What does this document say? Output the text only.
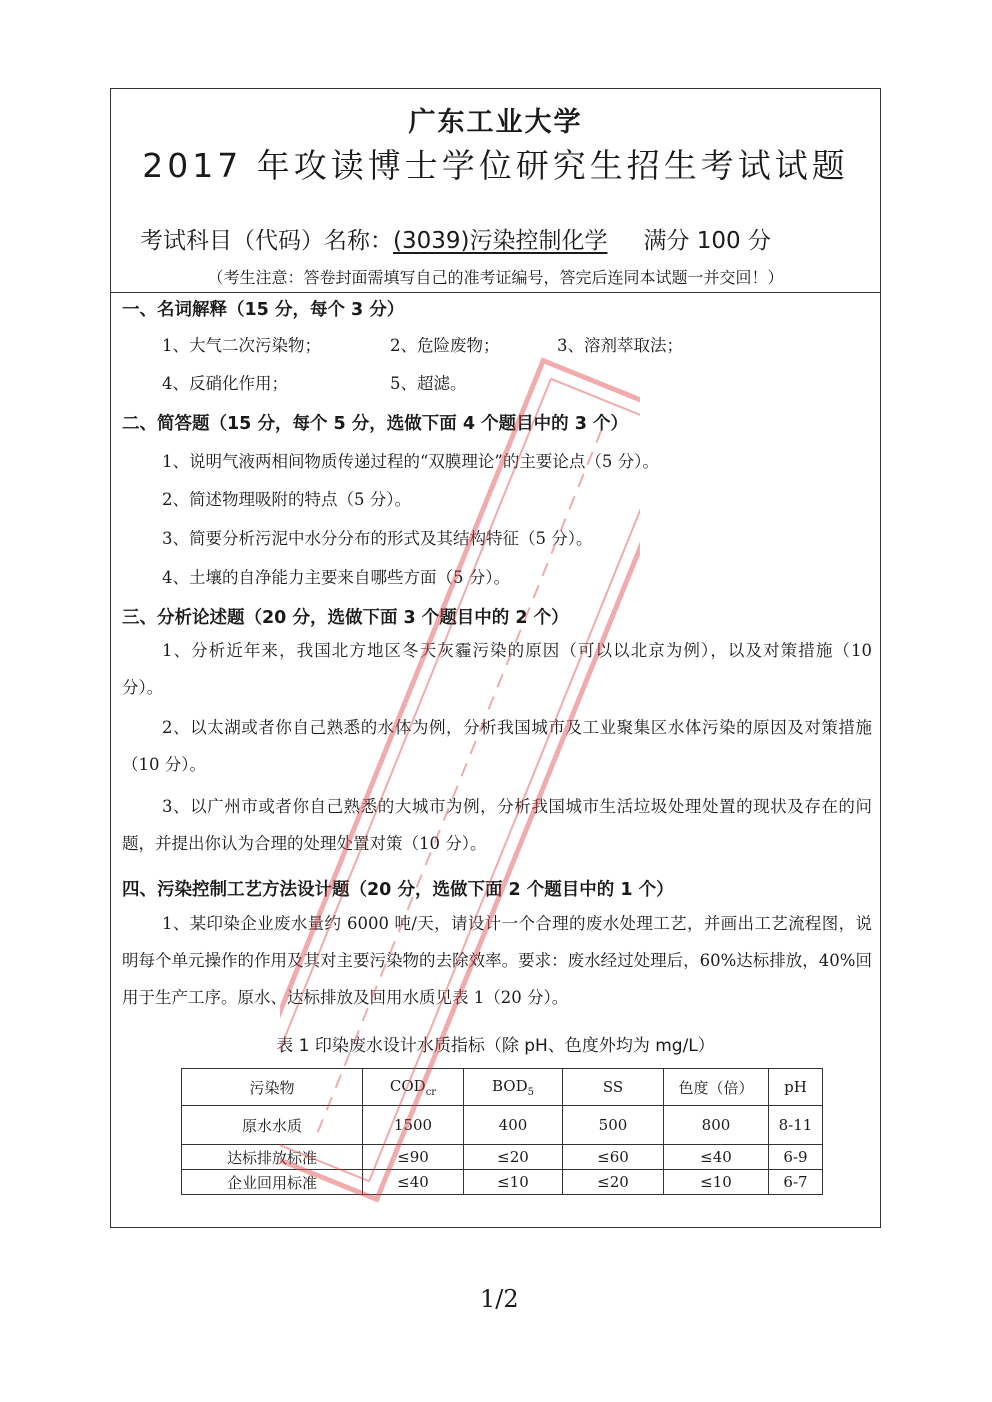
广东工业大学
2017 年攻读博士学位研究生招生考试试题
考试科目（代码）名称：(3039)污染控制化学 满分 100 分
（考生注意：答卷封面需填写自己的准考证编号，答完后连同本试题一并交回！）
一、名词解释（15 分，每个 3 分）
1、大气二次污染物；	2、危险废物；	3、溶剂萃取法；
4、反硝化作用；	5、超滤。
二、简答题（15 分，每个 5 分，选做下面 4 个题目中的 3 个）
1、说明气液两相间物质传递过程的“双膜理论”的主要论点（5 分）。
2、简述物理吸附的特点（5 分）。
3、简要分析污泥中水分分布的形式及其结构特征（5 分）。
4、土壤的自净能力主要来自哪些方面（5 分）。
三、分析论述题（20 分，选做下面 3 个题目中的 2 个）
1、分析近年来，我国北方地区冬天灰霾污染的原因（可以以北京为例），以及对策措施（10 分）。
2、以太湖或者你自己熟悉的水体为例，分析我国城市及工业聚集区水体污染的原因及对策措施（10 分）。
3、以广州市或者你自己熟悉的大城市为例，分析我国城市生活垃圾处理处置的现状及存在的问题，并提出你认为合理的处理处置对策（10 分）。
四、污染控制工艺方法设计题（20 分，选做下面 2 个题目中的 1 个）
1、某印染企业废水量约 6000 吨/天，请设计一个合理的废水处理工艺，并画出工艺流程图，说明每个单元操作的作用及其对主要污染物的去除效率。要求：废水经过处理后，60%达标排放，40%回用于生产工序。原水、达标排放及回用水质见表 1（20 分）。
表 1 印染废水设计水质指标（除 pH、色度外均为 mg/L）
污染物	$COD_{cr}$	$BOD_5$	SS	色度（倍）	pH
原水水质	1500	400	500	800	8-11
达标排放标准	≤90	≤20	≤60	≤40	6-9
企业回用标准	≤40	≤10	≤20	≤10	6-7
1/2
